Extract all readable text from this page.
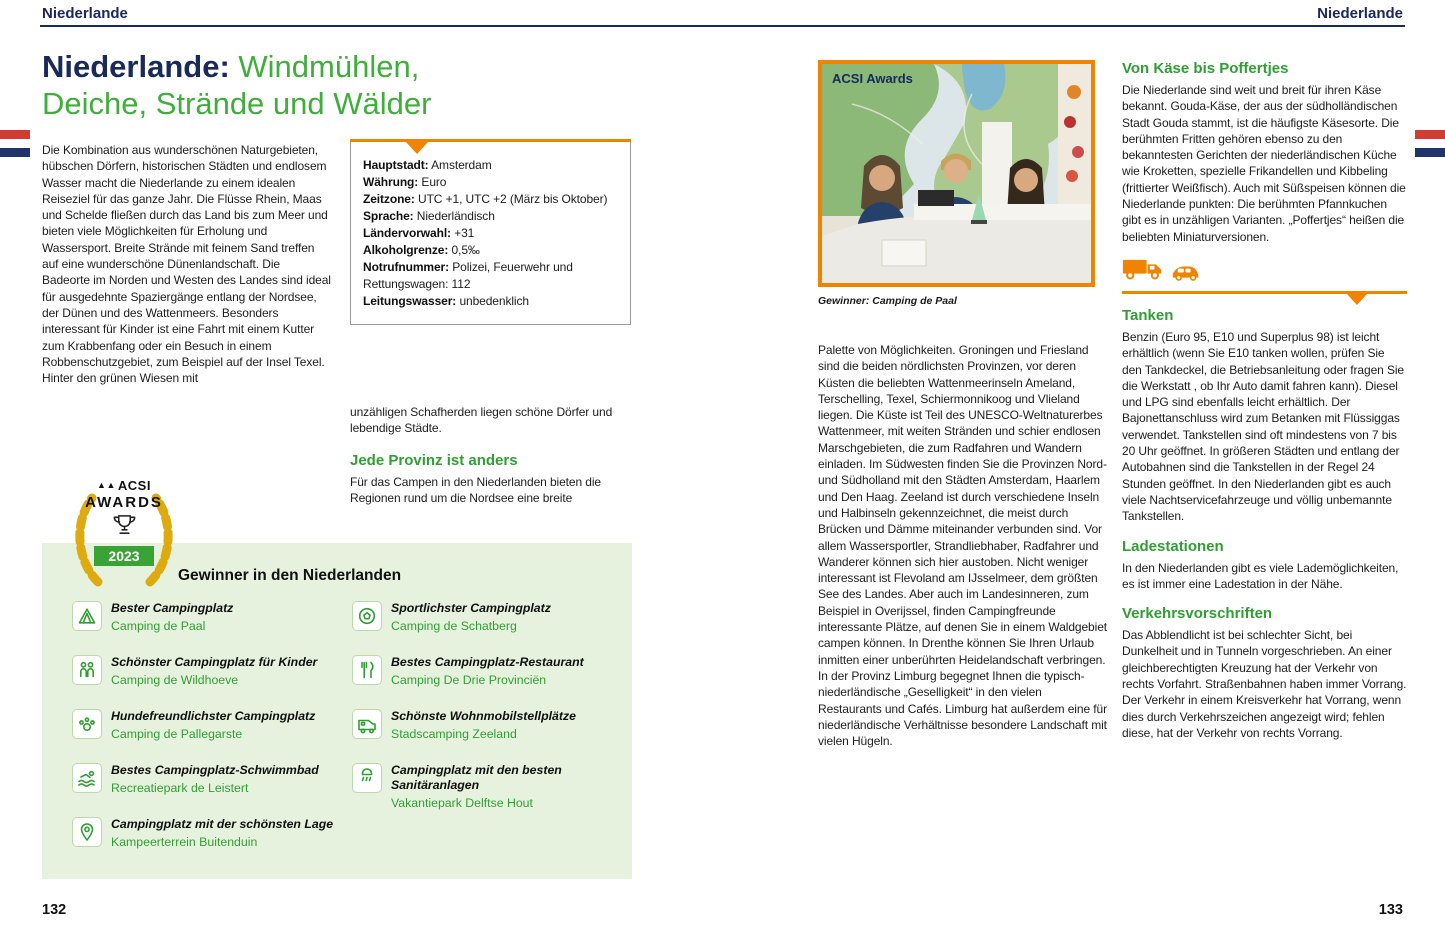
Niederlande	Niederlande
Niederlande: Windmühlen,
Deiche, Strände und Wälder

Die Kombination aus wunderschönen Naturgebieten, hübschen Dörfern, historischen Städten und endlosem Wasser macht die Niederlande zu einem idealen Reiseziel für das ganze Jahr. Die Flüsse Rhein, Maas und Schelde fließen durch das Land bis zum Meer und bieten viele Möglichkeiten für Erholung und Wassersport. Breite Strände mit feinem Sand treffen auf eine wunderschöne Dünenlandschaft. Die Badeorte im Norden und Westen des Landes sind ideal für ausgedehnte Spaziergänge entlang der Nordsee, der Dünen und des Wattenmeers. Besonders interessant für Kinder ist eine Fahrt mit einem Kutter zum Krabbenfang oder ein Besuch in einem Robbenschutzgebiet, zum Beispiel auf der Insel Texel. Hinter den grünen Wiesen mit

Hauptstadt: Amsterdam
Währung: Euro
Zeitzone: UTC +1, UTC +2 (März bis Oktober)
Sprache: Niederländisch
Ländervorwahl: +31
Alkoholgrenze: 0,5‰
Notrufnummer: Polizei, Feuerwehr und Rettungswagen: 112
Leitungswasser: unbedenklich

unzähligen Schafherden liegen schöne Dörfer und lebendige Städte.

Jede Provinz ist anders

Für das Campen in den Niederlanden bieten die Regionen rund um die Nordsee eine breite

▲▲ ACSI
AWARDS
2023
Gewinner in den Niederlanden
Bester Campingplatz
Camping de Paal
Schönster Campingplatz für Kinder
Camping de Wildhoeve
Hundefreundlichster Campingplatz
Camping de Pallegarste
Bestes Campingplatz-Schwimmbad
Recreatiepark de Leistert
Campingplatz mit der schönsten Lage
Kampeerterrein Buitenduin
Sportlichster Campingplatz
Camping de Schatberg
Bestes Campingplatz-Restaurant
Camping De Drie Provinciën
Schönste Wohnmobilstellplätze
Stadscamping Zeeland
Campingplatz mit den besten Sanitäranlagen
Vakantiepark Delftse Hout
ACSI Awards
Gewinner: Camping de Paal

Palette von Möglichkeiten. Groningen und Friesland sind die beiden nördlichsten Provinzen, vor deren Küsten die beliebten Wattenmeerinseln Ameland, Terschelling, Texel, Schiermonnikoog und Vlieland liegen. Die Küste ist Teil des UNESCO-Weltnaturerbes Wattenmeer, mit weiten Stränden und schier endlosen Marschgebieten, die zum Radfahren und Wandern einladen. Im Südwesten finden Sie die Provinzen Nord- und Südholland mit den Städten Amsterdam, Haarlem und Den Haag. Zeeland ist durch verschiedene Inseln und Halbinseln gekennzeichnet, die meist durch Brücken und Dämme miteinander verbunden sind. Vor allem Wassersportler, Strandliebhaber, Radfahrer und Wanderer können sich hier austoben. Nicht weniger interessant ist Flevoland am IJsselmeer, dem größten See des Landes. Aber auch im Landesinneren, zum Beispiel in Overijssel, finden Campingfreunde interessante Plätze, auf denen Sie in einem Waldgebiet campen können. In Drenthe können Sie Ihren Urlaub inmitten einer unberührten Heidelandschaft verbringen. In der Provinz Limburg begegnet Ihnen die typisch-niederländische „Geselligkeit“ in den vielen Restaurants und Cafés. Limburg hat außerdem eine für niederländische Verhältnisse besondere Landschaft mit vielen Hügeln.

Von Käse bis Poffertjes

Die Niederlande sind weit und breit für ihren Käse bekannt. Gouda-Käse, der aus der südholländischen Stadt Gouda stammt, ist die häufigste Käsesorte. Die berühmten Fritten gehören ebenso zu den bekanntesten Gerichten der niederländischen Küche wie Kroketten, spezielle Frikandellen und Kibbeling (frittierter Weißfisch). Auch mit Süßspeisen können die Niederlande punkten: Die berühmten Pfannkuchen gibt es in unzähligen Varianten. „Poffertjes“ heißen die beliebten Miniaturversionen.

Tanken

Benzin (Euro 95, E10 und Superplus 98) ist leicht erhältlich (wenn Sie E10 tanken wollen, prüfen Sie den Tankdeckel, die Betriebsanleitung oder fragen Sie die Werkstatt , ob Ihr Auto damit fahren kann). Diesel und LPG sind ebenfalls leicht erhältlich. Der Bajonettanschluss wird zum Betanken mit Flüssiggas verwendet. Tankstellen sind oft mindestens von 7 bis 20 Uhr geöffnet. In größeren Städten und entlang der Autobahnen sind die Tankstellen in der Regel 24 Stunden geöffnet. In den Niederlanden gibt es auch viele Nachtservicefahrzeuge und völlig unbemannte Tankstellen.

Ladestationen

In den Niederlanden gibt es viele Lademöglichkeiten, es ist immer eine Ladestation in der Nähe.

Verkehrsvorschriften

Das Abblendlicht ist bei schlechter Sicht, bei Dunkelheit und in Tunneln vorgeschrieben. An einer gleichberechtigten Kreuzung hat der Verkehr von rechts Vorfahrt. Straßenbahnen haben immer Vorrang. Der Verkehr in einem Kreisverkehr hat Vorrang, wenn dies durch Verkehrszeichen angezeigt wird; fehlen diese, hat der Verkehr von rechts Vorrang.

132	133
